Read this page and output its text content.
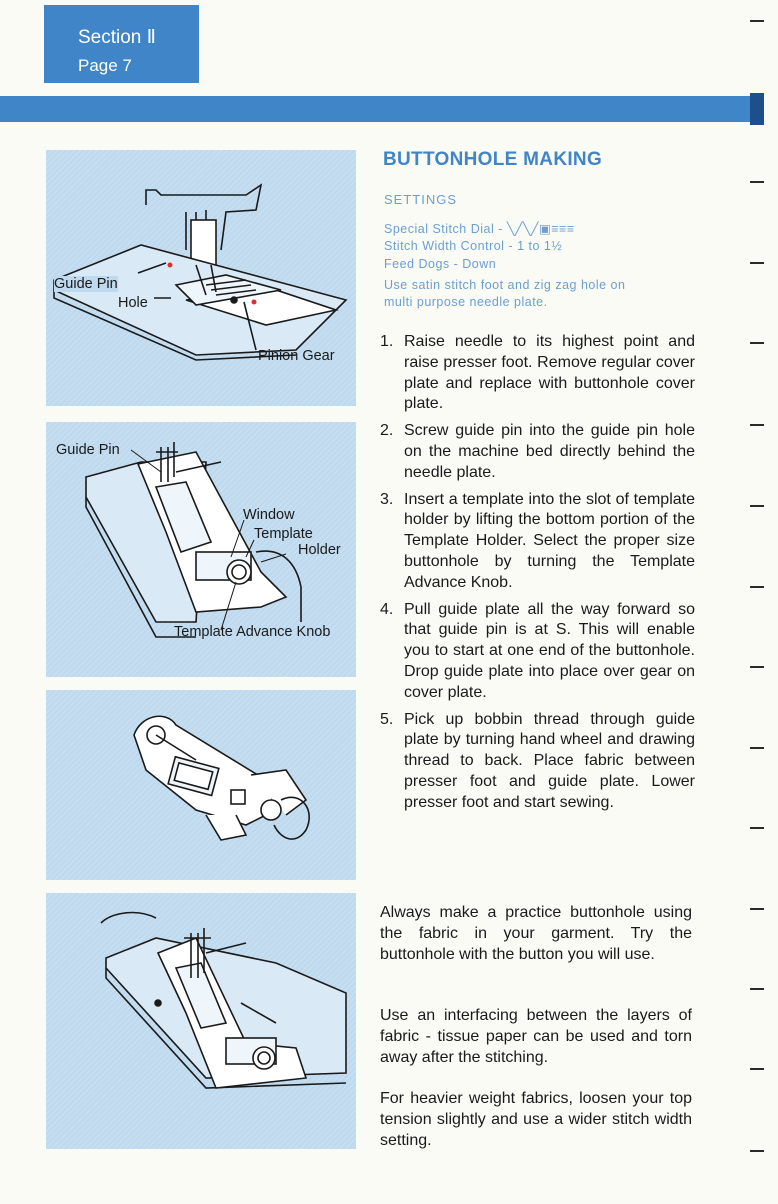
Section Ⅱ
Page 7
Guide Pin
Hole
Pinion Gear
Guide Pin
Window
Template
Holder
Template Advance Knob
BUTTONHOLE MAKING
SETTINGS
Special Stitch Dial - ╲╱╲╱▣≡≡≡
Stitch Width Control - 1 to 1½
Feed Dogs - Down
Use satin stitch foot and zig zag hole on
multi purpose needle plate.
1. Raise needle to its highest point and raise presser foot. Remove regular cover plate and replace with buttonhole cover plate.
2. Screw guide pin into the guide pin hole on the machine bed directly behind the needle plate.
3. Insert a template into the slot of template holder by lifting the bottom portion of the Template Holder. Select the proper size buttonhole by turning the Template Advance Knob.
4. Pull guide plate all the way forward so that guide pin is at S. This will enable you to start at one end of the buttonhole. Drop guide plate into place over gear on cover plate.
5. Pick up bobbin thread through guide plate by turning hand wheel and drawing thread to back. Place fabric between presser foot and guide plate. Lower presser foot and start sewing.
Always make a practice buttonhole using the fabric in your garment. Try the buttonhole with the button you will use.
Use an interfacing between the layers of fabric - tissue paper can be used and torn away after the stitching.
For heavier weight fabrics, loosen your top tension slightly and use a wider stitch width setting.
